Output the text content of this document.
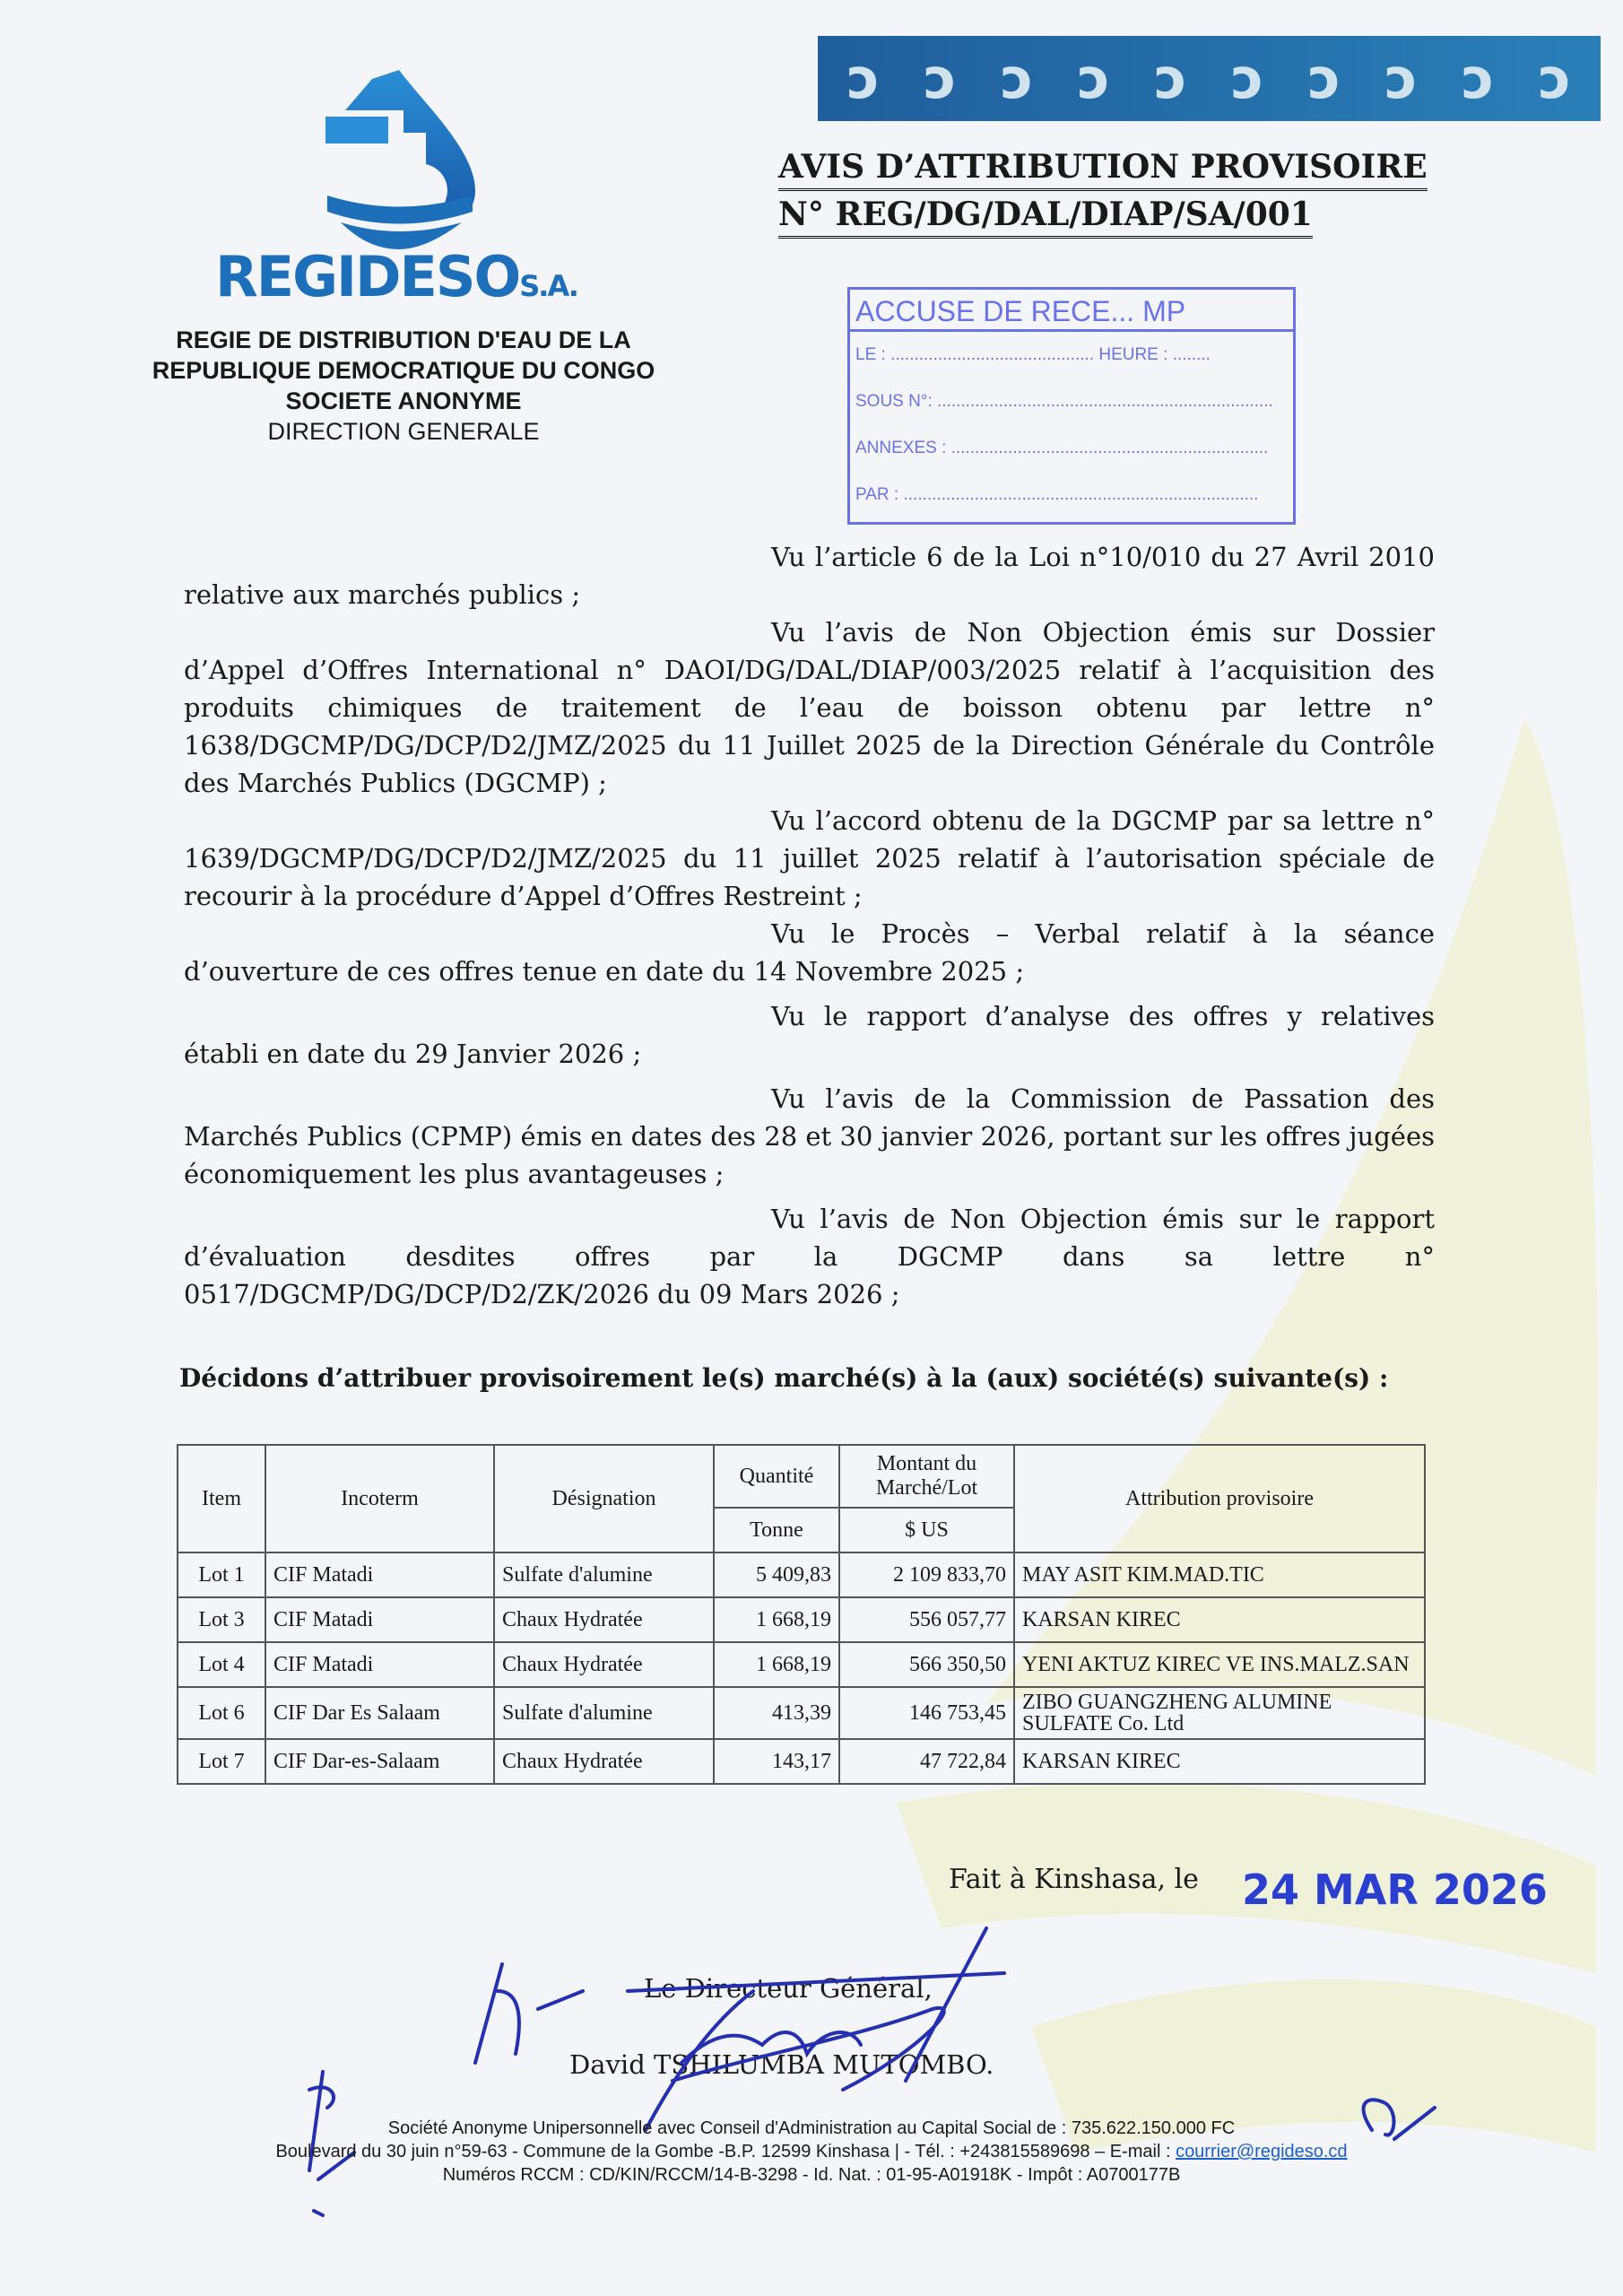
ↄ ↄ ↄ ↄ ↄ ↄ ↄ ↄ ↄ ↄ
REGIDESOS.A.
REGIE DE DISTRIBUTION D'EAU DE LA
REPUBLIQUE DEMOCRATIQUE DU CONGO
SOCIETE ANONYME
DIRECTION GENERALE
AVIS D’ATTRIBUTION PROVISOIRE
N° REG/DG/DAL/DIAP/SA/001
ACCUSE DE RECE... MP
LE : ........................................... HEURE : ........
SOUS N°: .......................................................................
ANNEXES : ...................................................................
PAR : ...........................................................................

Vu l’article 6 de la Loi n°10/010 du 27 Avril 2010 relative aux marchés publics ;

Vu l’avis de Non Objection émis sur Dossier d’Appel d’Offres International n° DAOI/DG/DAL/DIAP/003/2025 relatif à l’acquisition des produits chimiques de traitement de l’eau de boisson obtenu par lettre n° 1638/DGCMP/DG/DCP/D2/JMZ/2025 du 11 Juillet 2025 de la Direction Générale du Contrôle des Marchés Publics (DGCMP) ;

Vu l’accord obtenu de la DGCMP par sa lettre n° 1639/DGCMP/DG/DCP/D2/JMZ/2025 du 11 juillet 2025 relatif à l’autorisation spéciale de recourir à la procédure d’Appel d’Offres Restreint ;

Vu le Procès – Verbal relatif à la séance d’ouverture de ces offres tenue en date du 14 Novembre 2025 ;

Vu le rapport d’analyse des offres y relatives établi en date du 29 Janvier 2026 ;

Vu l’avis de la Commission de Passation des Marchés Publics (CPMP) émis en dates des 28 et 30 janvier 2026, portant sur les offres jugées économiquement les plus avantageuses ;

Vu l’avis de Non Objection émis sur le rapport d’évaluation desdites offres par la DGCMP dans sa lettre n° 0517/DGCMP/DG/DCP/D2/ZK/2026 du 09 Mars 2026 ;

Décidons d’attribuer provisoirement le(s) marché(s) à la (aux) société(s) suivante(s) :
Item	Incoterm	Désignation	Quantité	Montant du Marché/Lot	Attribution provisoire
			Tonne	$ US	
Lot 1	CIF Matadi	Sulfate d'alumine	5 409,83	2 109 833,70	MAY ASIT KIM.MAD.TIC
Lot 3	CIF Matadi	Chaux Hydratée	1 668,19	556 057,77	KARSAN KIREC
Lot 4	CIF Matadi	Chaux Hydratée	1 668,19	566 350,50	YENI AKTUZ KIREC VE INS.MALZ.SAN
Lot 6	CIF Dar Es Salaam	Sulfate d'alumine	413,39	146 753,45	ZIBO GUANGZHENG ALUMINE SULFATE Co. Ltd
Lot 7	CIF Dar-es-Salaam	Chaux Hydratée	143,17	47 722,84	KARSAN KIREC
Fait à Kinshasa, le 24 MAR 2026
Le Directeur Général,
David TSHILUMBA MUTOMBO.
Société Anonyme Unipersonnelle avec Conseil d'Administration au Capital Social de : 735.622.150.000 FC
Boulevard du 30 juin n°59-63 - Commune de la Gombe -B.P. 12599 Kinshasa | - Tél. : +243815589698 – E-mail : courrier@regideso.cd
Numéros RCCM : CD/KIN/RCCM/14-B-3298 - Id. Nat. : 01-95-A01918K - Impôt : A0700177B
